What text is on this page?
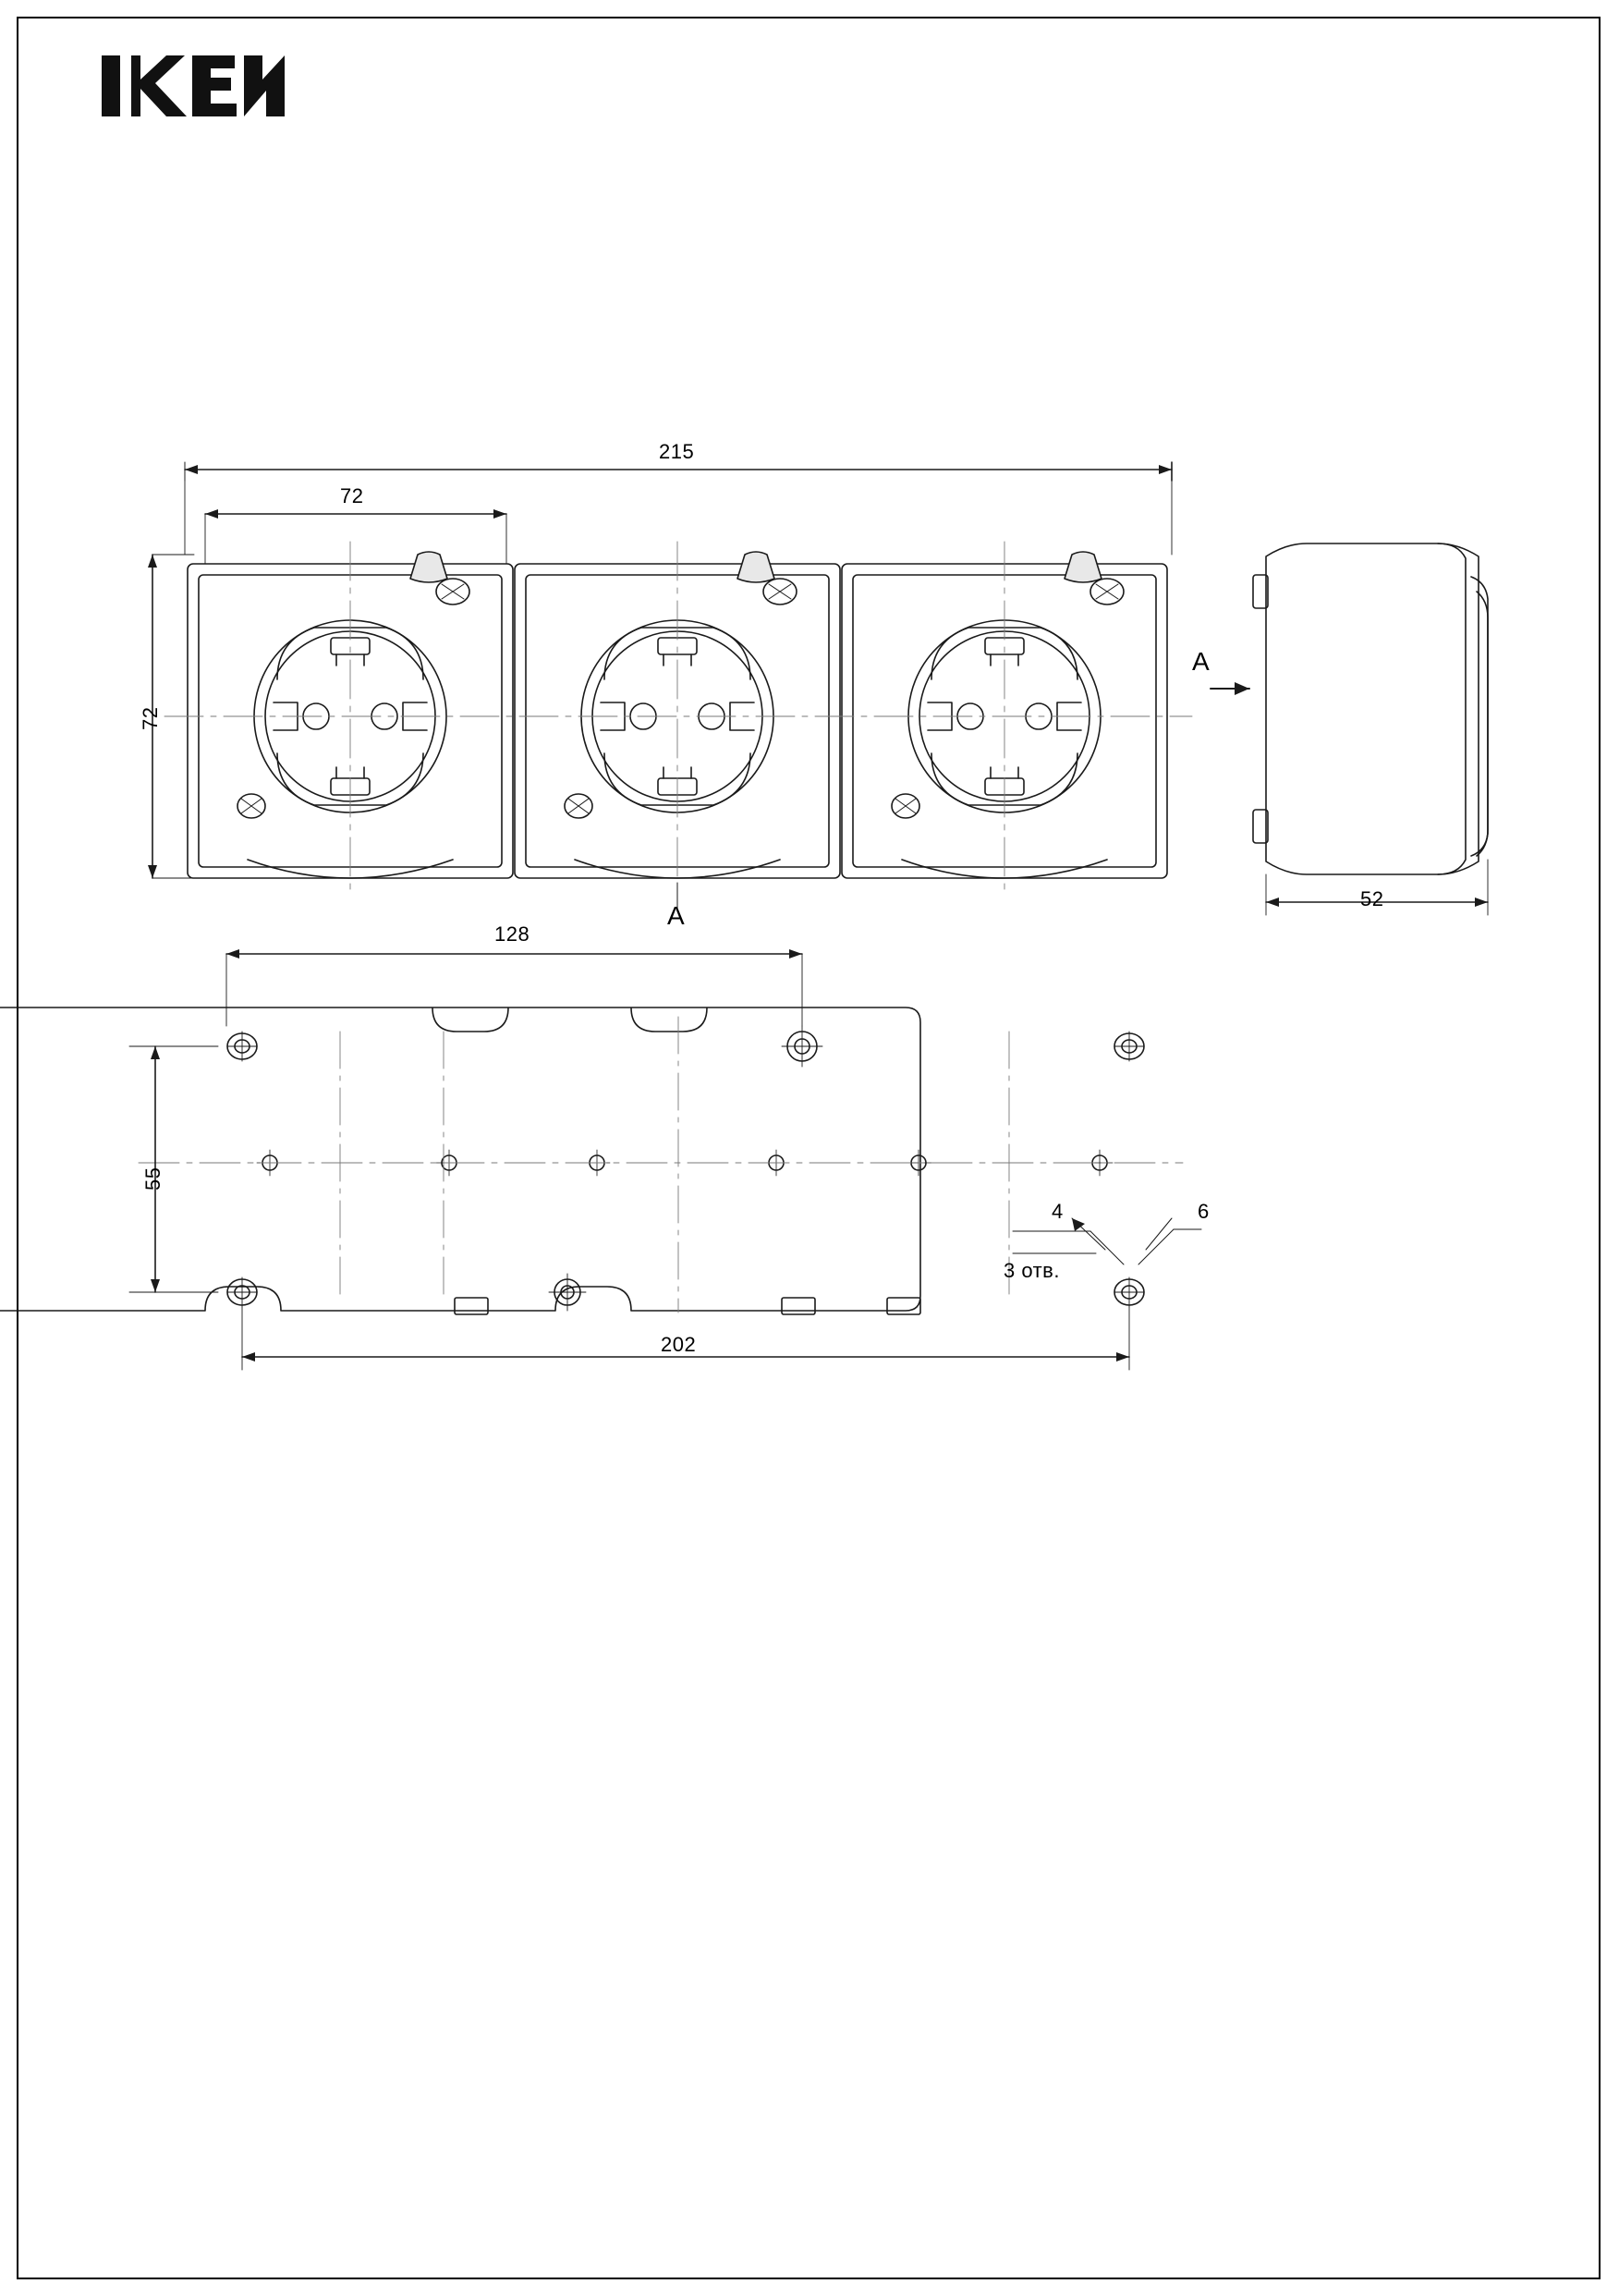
215
72
72
A
A
52
128
55
202
4	6
3 отв.
